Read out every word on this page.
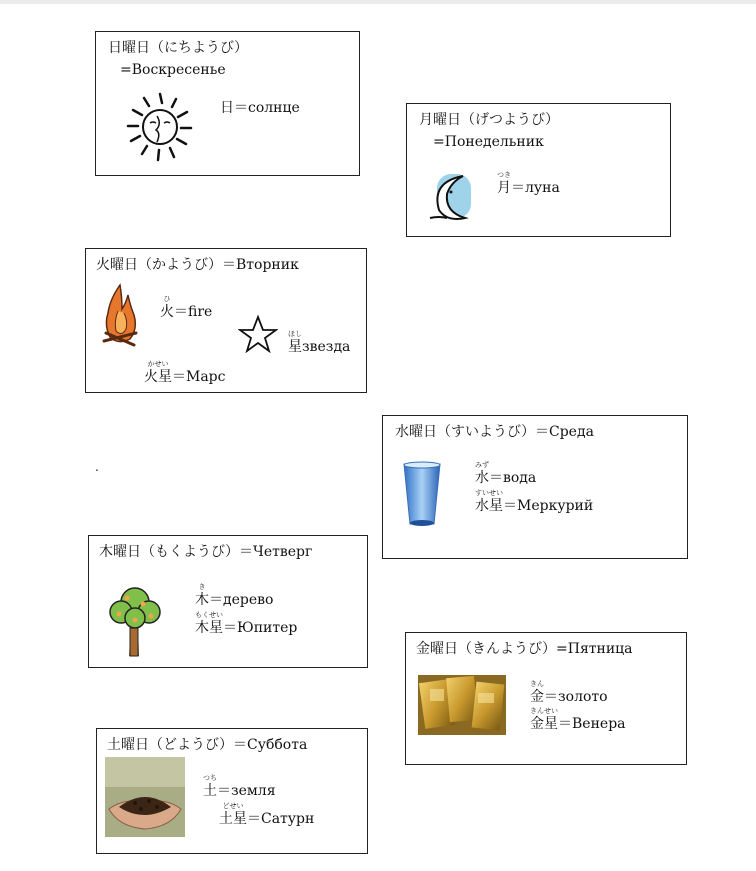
日曜日（にちようび）
=Воскресенье
日＝солнце
月曜日（げつようび）
=Понедельник
つき
月＝луна
火曜日（かようび）＝Вторник
ひ
火＝fire
ほし
星звезда
かせい
火星＝Марс
.
水曜日（すいようび）＝Среда
みず
水＝вода
すいせい
水星＝Меркурий
木曜日（もくようび）＝Четверг
き
木＝дерево
もくせい
木星＝Юпитер
金曜日（きんようび）=Пятница
きん
金＝золото
きんせい
金星＝Венера
土曜日（どようび）＝Суббота
つち
土＝земля
どせい
土星＝Сатурн
